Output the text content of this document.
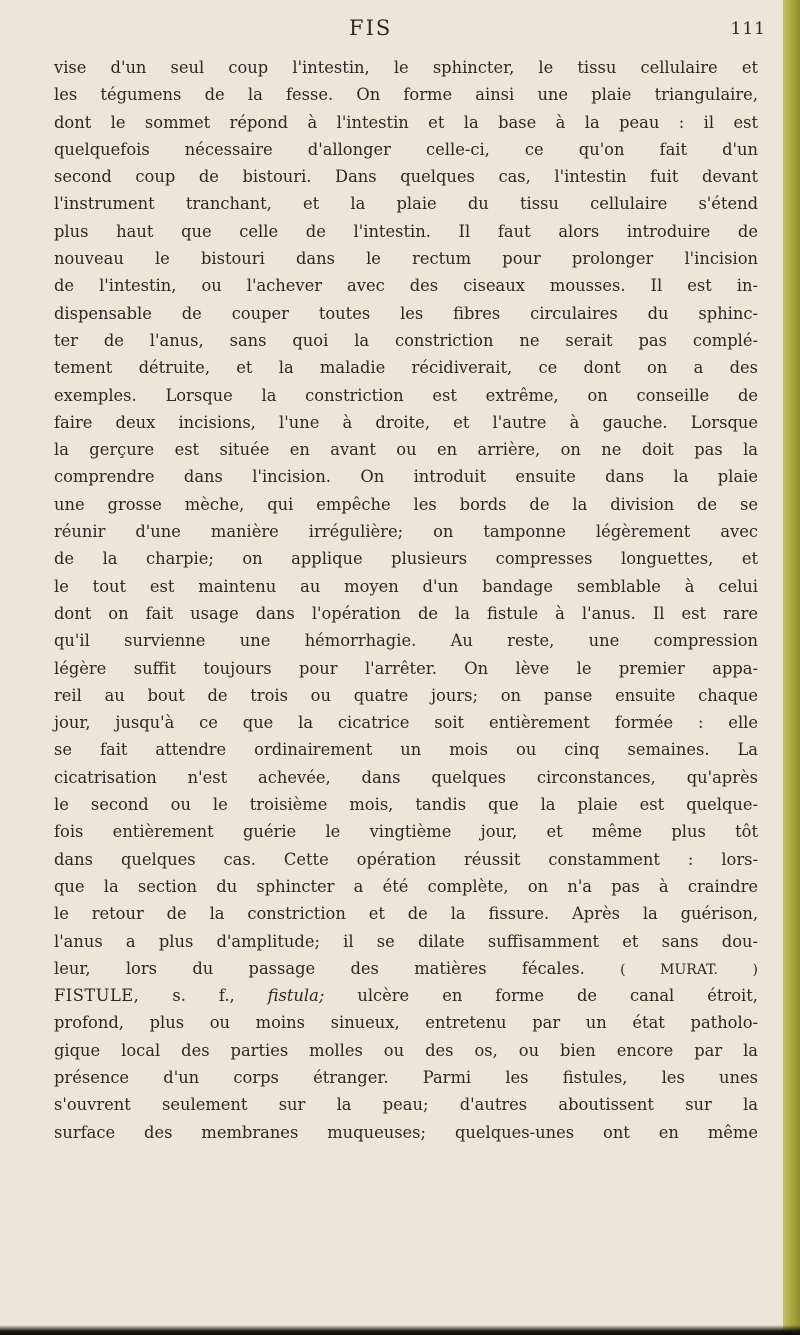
FIS	111
vise d'un seul coup l'intestin, le sphincter, le tissu cellulaire et
les tégumens de la fesse. On forme ainsi une plaie triangulaire,
dont le sommet répond à l'intestin et la base à la peau : il est
quelquefois nécessaire d'allonger celle-ci, ce qu'on fait d'un
second coup de bistouri. Dans quelques cas, l'intestin fuit devant
l'instrument tranchant, et la plaie du tissu cellulaire s'étend
plus haut que celle de l'intestin. Il faut alors introduire de
nouveau le bistouri dans le rectum pour prolonger l'incision
de l'intestin, ou l'achever avec des ciseaux mousses. Il est in-
dispensable de couper toutes les fibres circulaires du sphinc-
ter de l'anus, sans quoi la constriction ne serait pas complé-
tement détruite, et la maladie récidiverait, ce dont on a des
exemples. Lorsque la constriction est extrême, on conseille de
faire deux incisions, l'une à droite, et l'autre à gauche. Lorsque
la gerçure est située en avant ou en arrière, on ne doit pas la
comprendre dans l'incision. On introduit ensuite dans la plaie
une grosse mèche, qui empêche les bords de la division de se
réunir d'une manière irrégulière; on tamponne légèrement avec
de la charpie; on applique plusieurs compresses longuettes, et
le tout est maintenu au moyen d'un bandage semblable à celui
dont on fait usage dans l'opération de la fistule à l'anus. Il est rare
qu'il survienne une hémorrhagie. Au reste, une compression
légère suffit toujours pour l'arrêter. On lève le premier appa-
reil au bout de trois ou quatre jours; on panse ensuite chaque
jour, jusqu'à ce que la cicatrice soit entièrement formée : elle
se fait attendre ordinairement un mois ou cinq semaines. La
cicatrisation n'est achevée, dans quelques circonstances, qu'après
le second ou le troisième mois, tandis que la plaie est quelque-
fois entièrement guérie le vingtième jour, et même plus tôt
dans quelques cas. Cette opération réussit constamment : lors-
que la section du sphincter a été complète, on n'a pas à craindre
le retour de la constriction et de la fissure. Après la guérison,
l'anus a plus d'amplitude; il se dilate suffisamment et sans dou-
leur, lors du passage des matières fécales.	( MURAT. )
FISTULE, s. f., fistula; ulcère en forme de canal étroit,
profond, plus ou moins sinueux, entretenu par un état patholo-
gique local des parties molles ou des os, ou bien encore par la
présence d'un corps étranger. Parmi les fistules, les unes
s'ouvrent seulement sur la peau; d'autres aboutissent sur la
surface des membranes muqueuses; quelques-unes ont en même
